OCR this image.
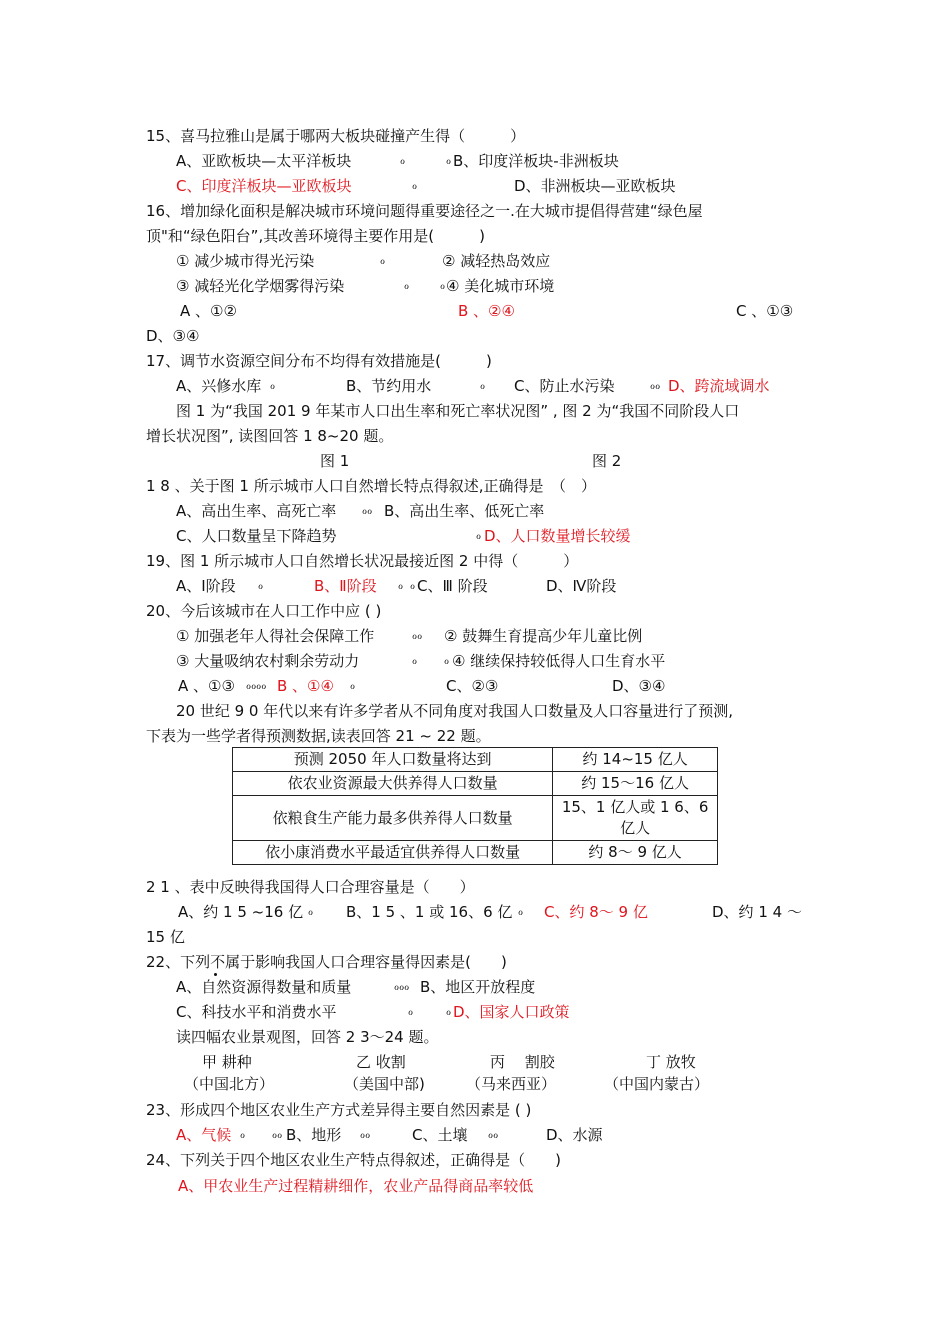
15、喜马拉雅山是属于哪两大板块碰撞产生得（　　　）
A、亚欧板块—太平洋板块	ℴ	ℴ B、印度洋板块-非洲板块
C、印度洋板块—亚欧板块	ℴ	D、非洲板块—亚欧板块
16、增加绿化面积是解决城市环境问题得重要途径之一.在大城市提倡得营建“绿色屋
顶"和“绿色阳台”,其改善环境得主要作用是(　　　)
① 减少城市得光污染	ℴ	② 减轻热岛效应
③ 减轻光化学烟雾得污染	ℴ	ℴ ④ 美化城市环境
A 、①②	B 、②④	C 、①③
D、③④
17、调节水资源空间分布不均得有效措施是(　　　)
A、兴修水库 ℴ	B、节约用水	ℴ C、防止水污染	ℴℴ D、跨流域调水
图 1 为“我国 201 9 年某市人口出生率和死亡率状况图” , 图 2 为“我国不同阶段人口
增长状况图”, 读图回答 1 8~20 题。
图 1	图 2
1 8 、关于图 1 所示城市人口自然增长特点得叙述,正确得是　（　）
A、高出生率、高死亡率 ℴℴ B、高出生率、低死亡率
C、人口数量呈下降趋势	ℴ D、人口数量增长较缓
19、图 1 所示城市人口自然增长状况最接近图 2 中得（　　　）
A、Ⅰ阶段 ℴ	B、Ⅱ阶段 ℴ ℴ C、Ⅲ 阶段	D、Ⅳ阶段
20、今后该城市在人口工作中应 ( )
① 加强老年人得社会保障工作	ℴℴ ② 鼓舞生育提高少年儿童比例
③ 大量吸纳农村剩余劳动力	ℴ ℴ ④ 继续保持较低得人口生育水平
A 、①③ ℴℴℴℴ B 、①④ ℴ	C、②③	D、③④
20 世纪 9 0 年代以来有许多学者从不同角度对我国人口数量及人口容量进行了预测,
下表为一些学者得预测数据,读表回答 21 ~ 22 题。
预测 2050 年人口数量将达到	约 14~15 亿人
依农业资源最大供养得人口数量	约 15～16 亿人
依粮食生产能力最多供养得人口数量	15、1 亿人或 1 6、6 亿人
依小康消费水平最适宜供养得人口数量	约 8～ 9 亿人
2 1 、表中反映得我国得人口合理容量是（　　）
A、约 1 5 ~16 亿 ℴ B、1 5 、1 或 16、6 亿 ℴ C、约 8～ 9 亿	D、约 1 4 ～
15 亿
22、下列不属于影响我国人口合理容量得因素是(　　)
A、自然资源得数量和质量	ℴℴℴ B、地区开放程度
C、科技水平和消费水平	ℴ	ℴ D、国家人口政策
读四幅农业景观图，回答 2 3～24 题。
甲 耕种	乙 收割	丙　 割胶	丁 放牧
（中国北方）	（美国中部)	（马来西亚）	（中国内蒙古）
23、形成四个地区农业生产方式差异得主要自然因素是 ( )
A、气候 ℴ ℴℴ B、地形 ℴℴ	C、土壤 ℴℴ	D、水源
24、下列关于四个地区农业生产特点得叙述，正确得是（　　)
A、甲农业生产过程精耕细作，农业产品得商品率较低
